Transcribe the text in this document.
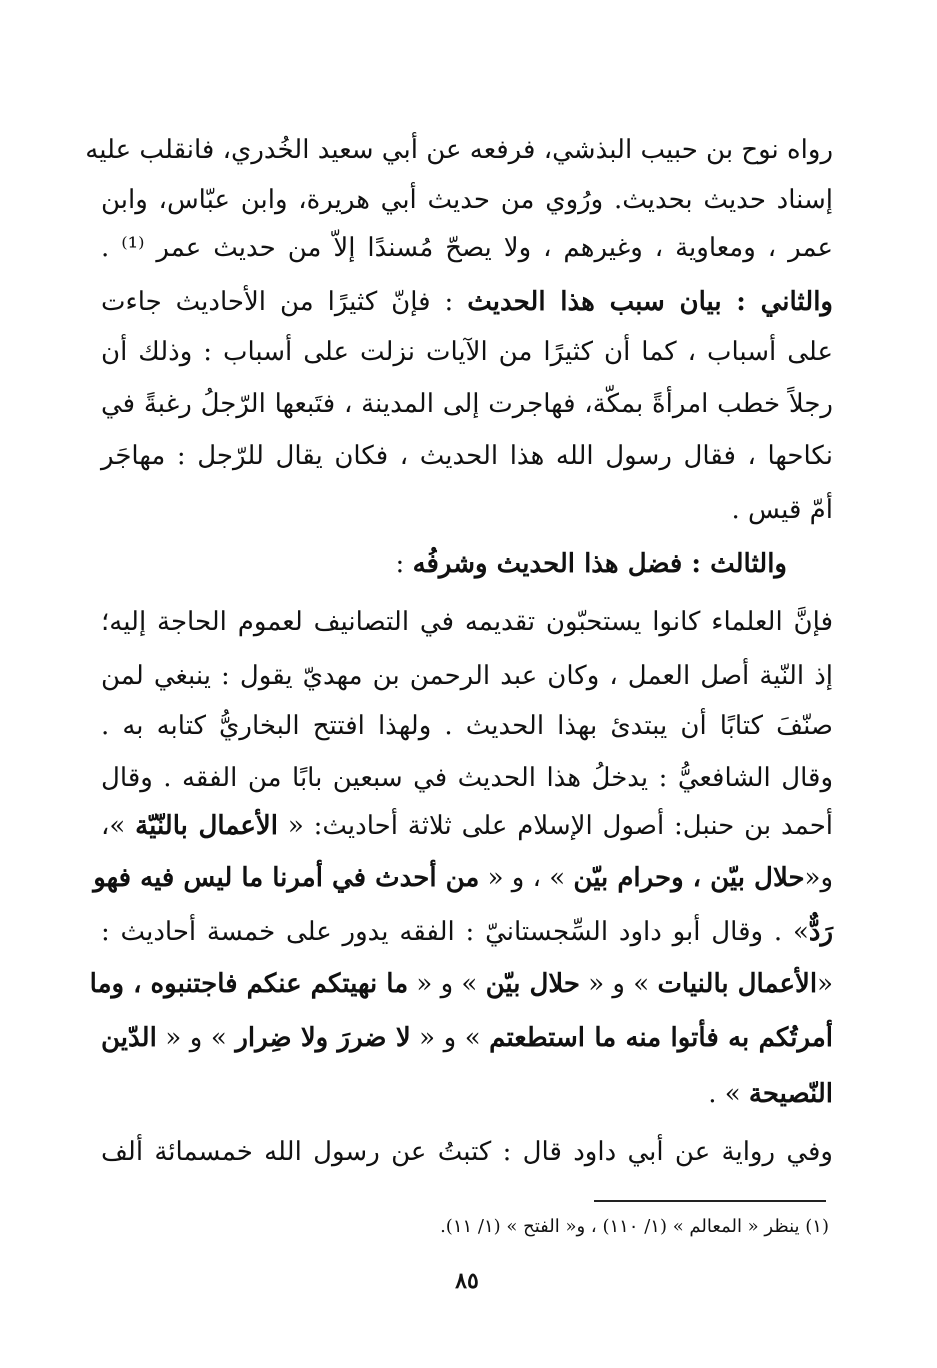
رواه نوح بن حبيب البذشي، فرفعه عن أبي سعيد الخُدري، فانقلب عليه
إسناد حديث بحديث. ورُوي من حديث أبي هريرة، وابن عبّاس، وابن
عمر ، ومعاوية ، وغيرهم ، ولا يصحّ مُسندًا إلاّ من حديث عمر ⁽¹⁾ .
والثاني : بيان سبب هذا الحديث : فإنّ كثيرًا من الأحاديث جاءت
على أسباب ، كما أن كثيرًا من الآيات نزلت على أسباب : وذلك أن
رجلاً خطب امرأةً بمكّة، فهاجرت إلى المدينة ، فتَبعها الرّجلُ رغبةً في
نكاحها ، فقال رسول الله هذا الحديث ، فكان يقال للرّجل : مهاجَر
أمّ قيس .
والثالث : فضل هذا الحديث وشرفُه :
فإنَّ العلماء كانوا يستحبّون تقديمه في التصانيف لعموم الحاجة إليه؛
إذ النّية أصل العمل ، وكان عبد الرحمن بن مهديّ يقول : ينبغي لمن
صنّفَ كتابًا أن يبتدئ بهذا الحديث . ولهذا افتتح البخاريُّ كتابه به .
وقال الشافعيُّ : يدخلُ هذا الحديث في سبعين بابًا من الفقه . وقال
أحمد بن حنبل: أصول الإسلام على ثلاثة أحاديث: « الأعمال بالنّيّة »،
و«حلال بيّن ، وحرام بيّن » ، و « من أحدث في أمرنا ما ليس فيه فهو
رَدٌّ» . وقال أبو داود السِّجستانيّ : الفقه يدور على خمسة أحاديث :
«الأعمال بالنيات » و « حلال بيّن » و « ما نهيتكم عنكم فاجتنبوه ، وما
أمرتُكم به فأتوا منه ما استطعتم » و « لا ضررَ ولا ضِرار » و « الدّين
النّصيحة » .
وفي رواية عن أبي داود قال : كتبتُ عن رسول الله خمسمائة ألف
(١) ينظر « المعالم » (١/ ١١٠) ، و« الفتح » (١/ ١١).
٨٥
